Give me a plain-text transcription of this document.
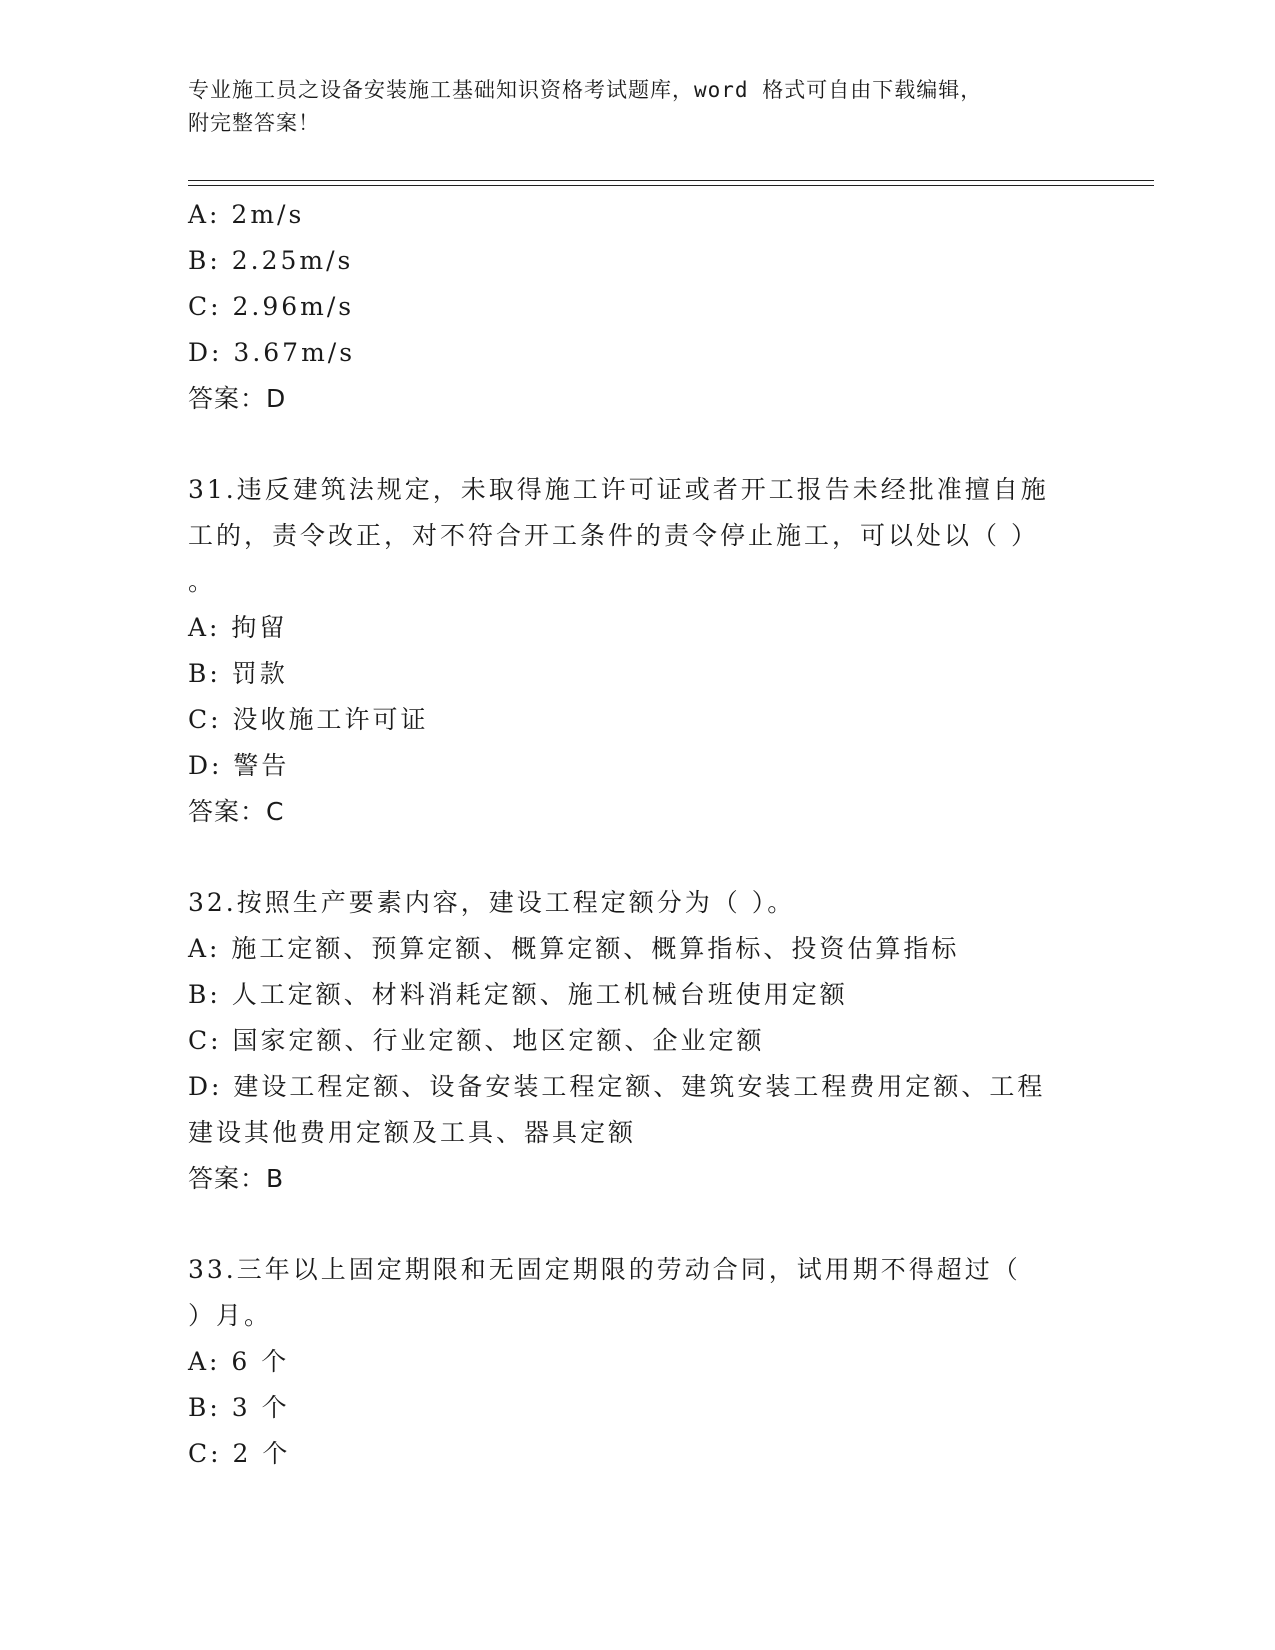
专业施工员之设备安装施工基础知识资格考试题库，word 格式可自由下载编辑，
附完整答案！
A: 2m/s
B: 2.25m/s
C: 2.96m/s
D: 3.67m/s
答案：D
31.违反建筑法规定，未取得施工许可证或者开工报告未经批准擅自施
工的，责令改正，对不符合开工条件的责令停止施工，可以处以（ ）
。
A: 拘留
B: 罚款
C: 没收施工许可证
D: 警告
答案：C
32.按照生产要素内容，建设工程定额分为（ ）。
A: 施工定额、预算定额、概算定额、概算指标、投资估算指标
B: 人工定额、材料消耗定额、施工机械台班使用定额
C: 国家定额、行业定额、地区定额、企业定额
D: 建设工程定额、设备安装工程定额、建筑安装工程费用定额、工程
建设其他费用定额及工具、器具定额
答案：B
33.三年以上固定期限和无固定期限的劳动合同，试用期不得超过（
）月。
A: 6 个
B: 3 个
C: 2 个
